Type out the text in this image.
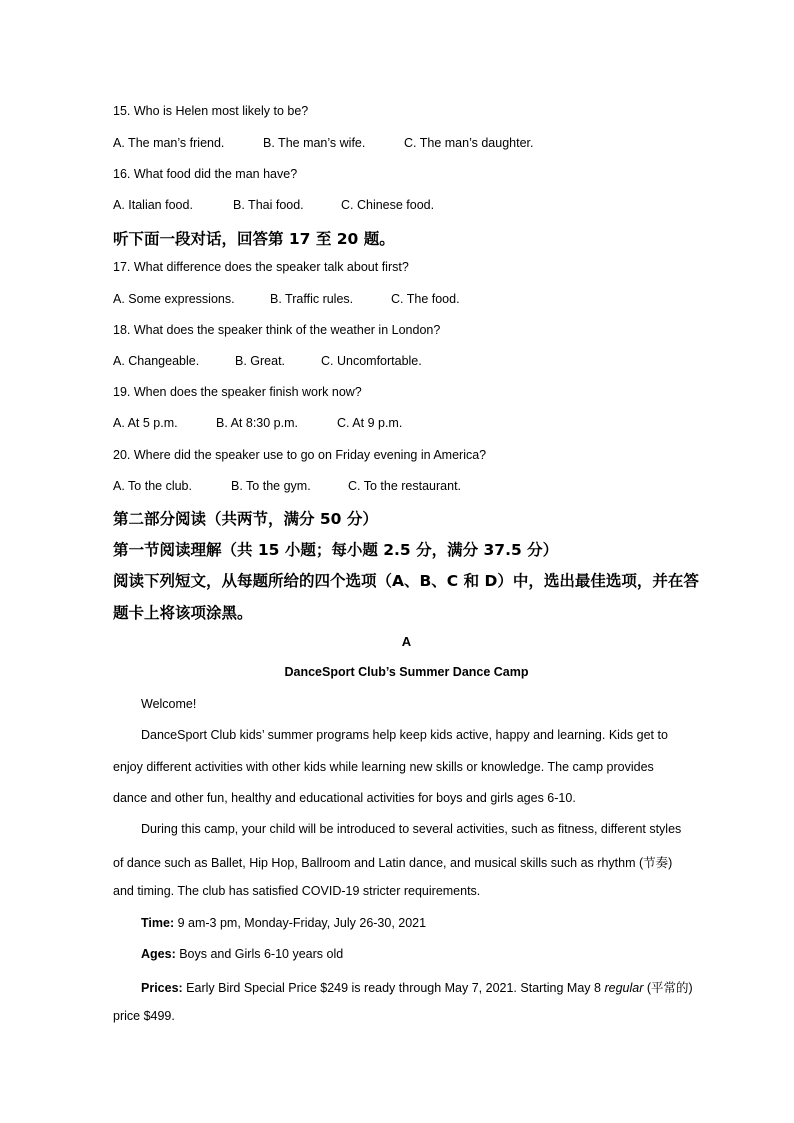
15. Who is Helen most likely to be?
A. The man’s friend.	B. The man’s wife.	C. The man’s daughter.
16. What food did the man have?
A. Italian food.	B. Thai food.	C. Chinese food.
听下面一段对话，回答第 17 至 20 题。
17. What difference does the speaker talk about first?
A. Some expressions.	B. Traffic rules.	C. The food.
18. What does the speaker think of the weather in London?
A. Changeable.	B. Great.	C. Uncomfortable.
19. When does the speaker finish work now?
A. At 5 p.m.	B. At 8:30 p.m.	C. At 9 p.m.
20. Where did the speaker use to go on Friday evening in America?
A. To the club.	B. To the gym.	C. To the restaurant.
第二部分阅读（共两节，满分 50 分）
第一节阅读理解（共 15 小题；每小题 2.5 分，满分 37.5 分）
阅读下列短文，从每题所给的四个选项（A、B、C 和 D）中，选出最佳选项，并在答
题卡上将该项涂黑。
A
DanceSport Club’s Summer Dance Camp
Welcome!
DanceSport Club kids’ summer programs help keep kids active, happy and learning. Kids get to
enjoy different activities with other kids while learning new skills or knowledge. The camp provides
dance and other fun, healthy and educational activities for boys and girls ages 6-10.
During this camp, your child will be introduced to several activities, such as fitness, different styles
of dance such as Ballet, Hip Hop, Ballroom and Latin dance, and musical skills such as rhythm (节奏)
and timing. The club has satisfied COVID-19 stricter requirements.
Time: 9 am-3 pm, Monday-Friday, July 26-30, 2021
Ages: Boys and Girls 6-10 years old
Prices: Early Bird Special Price $249 is ready through May 7, 2021. Starting May 8 regular (平常的)
price $499.
